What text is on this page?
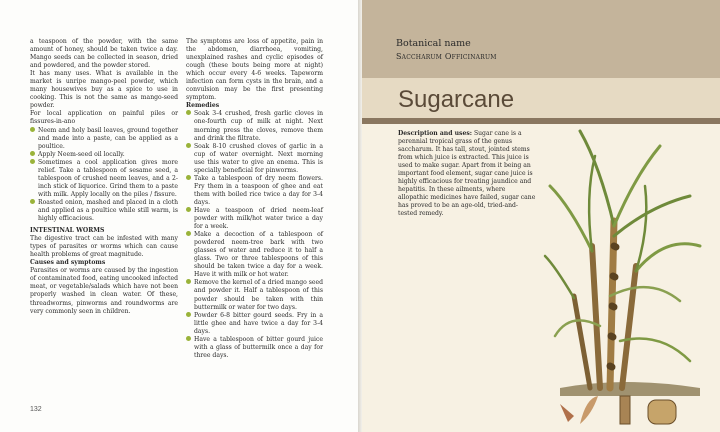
a teaspoon of the powder, with the same amount of honey, should be taken twice a day. Mango seeds can be collected in season, dried and powdered, and the powder stored.

It has many uses. What is available in the market is unripe mango-peel powder, which many housewives buy as a spice to use in cooking. This is not the same as mango-seed powder.

For local application on painful piles or fissures-in-ano

Neem and holy basil leaves, ground together and made into a paste, can be applied as a poultice.

Apply Neem-seed oil locally.

Sometimes a cool application gives more relief. Take a tablespoon of sesame seed, a tablespoon of crushed neem leaves, and a 2-inch stick of liquorice. Grind them to a paste with milk. Apply locally on the piles / fissure.

Roasted onion, mashed and placed in a cloth and applied as a poultice while still warm, is highly efficacious.

INTESTINAL WORMS

The digestive tract can be infested with many types of parasites or worms which can cause health problems of great magnitude.

Causes and symptoms

Parasites or worms are caused by the ingestion of contaminated food, eating uncooked infected meat, or vegetable/salads which have not been properly washed in clean water. Of these, threadworms, pinworms and roundworms are very commonly seen in children.

The symptoms are loss of appetite, pain in the abdomen, diarrhoea, vomiting, unexplained rashes and cyclic episodes of cough (these bouts being more at night) which occur every 4-6 weeks. Tapeworm infection can form cysts in the brain, and a convulsion may be the first presenting symptom.

Remedies

Soak 3-4 crushed, fresh garlic cloves in one-fourth cup of milk at night. Next morning press the cloves, remove them and drink the filtrate.

Soak 8-10 crushed cloves of garlic in a cup of water overnight. Next morning use this water to give an enema. This is specially beneficial for pinworms.

Take a tablespoon of dry neem flowers. Fry them in a teaspoon of ghee and eat them with boiled rice twice a day for 3-4 days.

Have a teaspoon of dried neem-leaf powder with milk/hot water twice a day for a week.

Make a decoction of a tablespoon of powdered neem-tree bark with two glasses of water and reduce it to half a glass. Two or three tablespoons of this should be taken twice a day for a week. Have it with milk or hot water.

Remove the kernel of a dried mango seed and powder it. Half a tablespoon of this powder should be taken with thin buttermilk or water for two days.

Powder 6-8 bitter gourd seeds. Fry in a little ghee and have twice a day for 3-4 days.

Have a tablespoon of bitter gourd juice with a glass of buttermilk once a day for three days.

132
Botanical name
Saccharum Officinarum
Sugarcane
Description and uses: Sugar cane is a perennial tropical grass of the genus saccharum. It has tall, stout, jointed stems from which juice is extracted. This juice is used to make sugar. Apart from it being an important food element, sugar cane juice is highly efficacious for treating jaundice and hepatitis. In these ailments, where allopathic medicines have failed, sugar cane has proved to be an age-old, tried-and-tested remedy.
